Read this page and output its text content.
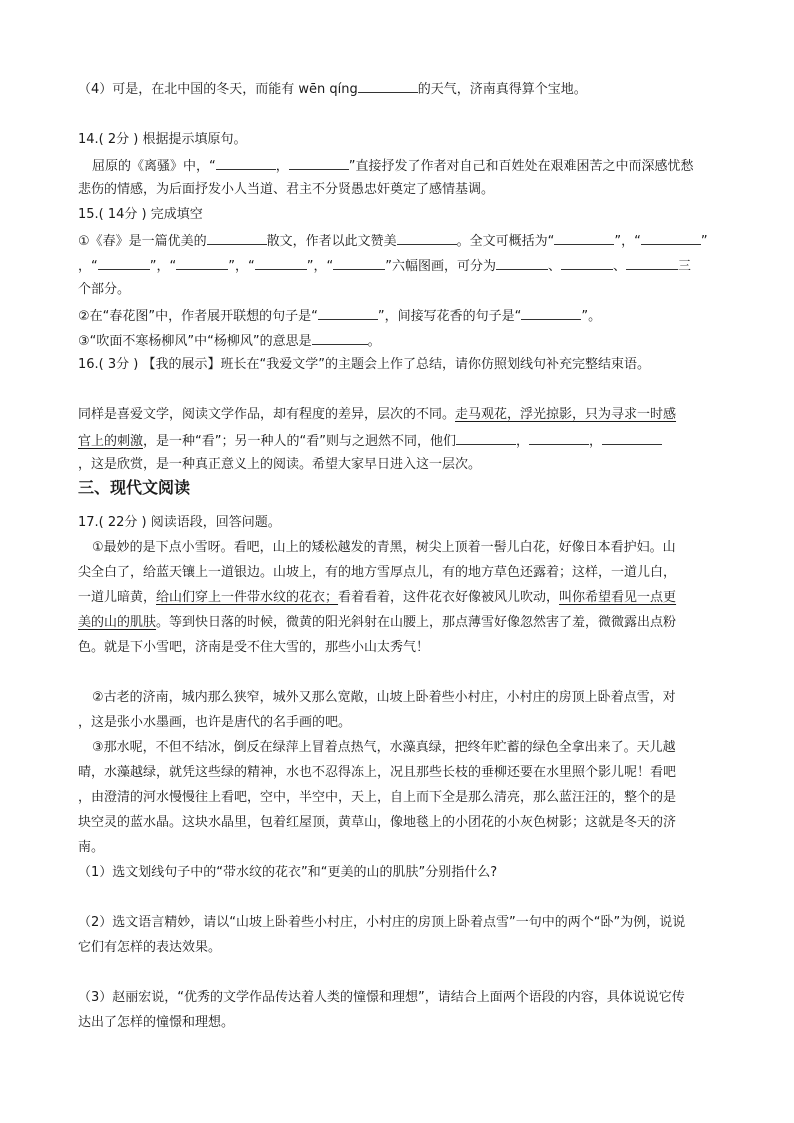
（4）可是，在北中国的冬天，而能有 wēn qíng	的天气，济南真得算个宝地。
14.( 2分 ) 根据提示填原句。
屈原的《离骚》中，“	，	”直接抒发了作者对自己和百姓处在艰难困苦之中而深感忧愁
悲伤的情感，为后面抒发小人当道、君主不分贤愚忠奸奠定了感情基调。
15.( 14分 ) 完成填空
①《春》是一篇优美的	散文，作者以此文赞美	。全文可概括为“	”，“	”
，“	”，“	”，“	”，“	”六幅图画，可分为	、	、	三
个部分。
②在“春花图”中，作者展开联想的句子是“	”，间接写花香的句子是“	”。
③“吹面不寒杨柳风”中“杨柳风”的意思是	。
16.( 3分 ) 【我的展示】班长在“我爱文学”的主题会上作了总结，请你仿照划线句补充完整结束语。
同样是喜爱文学，阅读文学作品，却有程度的差异，层次的不同。走马观花，浮光掠影，只为寻求一时感
官上的刺激，是一种“看”；另一种人的“看”则与之迥然不同，他们	，	，
，这是欣赏，是一种真正意义上的阅读。希望大家早日进入这一层次。
三、现代文阅读
17.( 22分 ) 阅读语段，回答问题。
①最妙的是下点小雪呀。看吧，山上的矮松越发的青黑，树尖上顶着一髻儿白花，好像日本看护妇。山
尖全白了，给蓝天镶上一道银边。山坡上，有的地方雪厚点儿，有的地方草色还露着；这样，一道儿白，
一道儿暗黄，给山们穿上一件带水纹的花衣；看着看着，这件花衣好像被风儿吹动，叫你希望看见一点更
美的山的肌肤。等到快日落的时候，微黄的阳光斜射在山腰上，那点薄雪好像忽然害了羞，微微露出点粉
色。就是下小雪吧，济南是受不住大雪的，那些小山太秀气！
②古老的济南，城内那么狭窄，城外又那么宽敞，山坡上卧着些小村庄，小村庄的房顶上卧着点雪，对
，这是张小水墨画，也许是唐代的名手画的吧。
③那水呢，不但不结冰，倒反在绿萍上冒着点热气，水藻真绿，把终年贮蓄的绿色全拿出来了。天儿越
晴，水藻越绿，就凭这些绿的精神，水也不忍得冻上，况且那些长枝的垂柳还要在水里照个影儿呢！看吧
，由澄清的河水慢慢往上看吧，空中，半空中，天上，自上而下全是那么清亮，那么蓝汪汪的，整个的是
块空灵的蓝水晶。这块水晶里，包着红屋顶，黄草山，像地毯上的小团花的小灰色树影；这就是冬天的济
南。
（1）选文划线句子中的“带水纹的花衣”和“更美的山的肌肤”分别指什么?
（2）选文语言精妙，请以“山坡上卧着些小村庄，小村庄的房顶上卧着点雪”一句中的两个“卧”为例，说说
它们有怎样的表达效果。
（3）赵丽宏说，“优秀的文学作品传达着人类的憧憬和理想”，请结合上面两个语段的内容，具体说说它传
达出了怎样的憧憬和理想。
